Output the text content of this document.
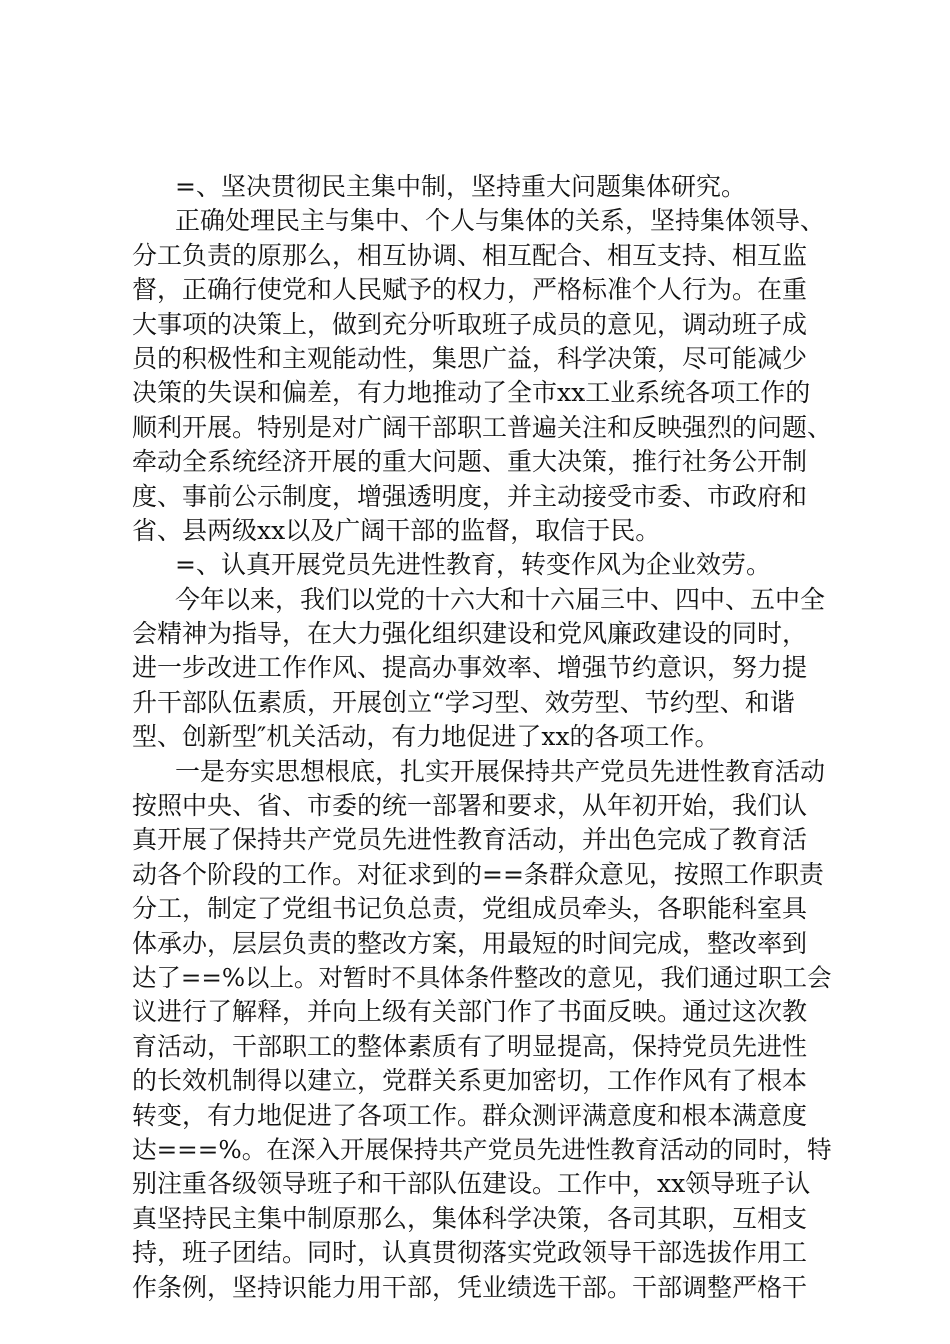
=、坚决贯彻民主集中制，坚持重大问题集体研究。
正确处理民主与集中、个人与集体的关系，坚持集体领导、
分工负责的原那么，相互协调、相互配合、相互支持、相互监
督，正确行使党和人民赋予的权力，严格标准个人行为。在重
大事项的决策上，做到充分听取班子成员的意见，调动班子成
员的积极性和主观能动性，集思广益，科学决策，尽可能减少
决策的失误和偏差，有力地推动了全市xx工业系统各项工作的
顺利开展。特别是对广阔干部职工普遍关注和反映强烈的问题、
牵动全系统经济开展的重大问题、重大决策，推行社务公开制
度、事前公示制度，增强透明度，并主动接受市委、市政府和
省、县两级xx以及广阔干部的监督，取信于民。
=、认真开展党员先进性教育，转变作风为企业效劳。
今年以来，我们以党的十六大和十六届三中、四中、五中全
会精神为指导，在大力强化组织建设和党风廉政建设的同时，
进一步改进工作作风、提高办事效率、增强节约意识，努力提
升干部队伍素质，开展创立“学习型、效劳型、节约型、和谐
型、创新型″机关活动，有力地促进了xx的各项工作。
一是夯实思想根底，扎实开展保持共产党员先进性教育活动
按照中央、省、市委的统一部署和要求，从年初开始，我们认
真开展了保持共产党员先进性教育活动，并出色完成了教育活
动各个阶段的工作。对征求到的==条群众意见，按照工作职责
分工，制定了党组书记负总责，党组成员牵头，各职能科室具
体承办，层层负责的整改方案，用最短的时间完成，整改率到
达了==%以上。对暂时不具体条件整改的意见，我们通过职工会
议进行了解释，并向上级有关部门作了书面反映。通过这次教
育活动，干部职工的整体素质有了明显提高，保持党员先进性
的长效机制得以建立，党群关系更加密切，工作作风有了根本
转变，有力地促进了各项工作。群众测评满意度和根本满意度
达===%。在深入开展保持共产党员先进性教育活动的同时，特
别注重各级领导班子和干部队伍建设。工作中，xx领导班子认
真坚持民主集中制原那么，集体科学决策，各司其职，互相支
持，班子团结。同时，认真贯彻落实党政领导干部选拔作用工
作条例，坚持识能力用干部，凭业绩选干部。干部调整严格干
